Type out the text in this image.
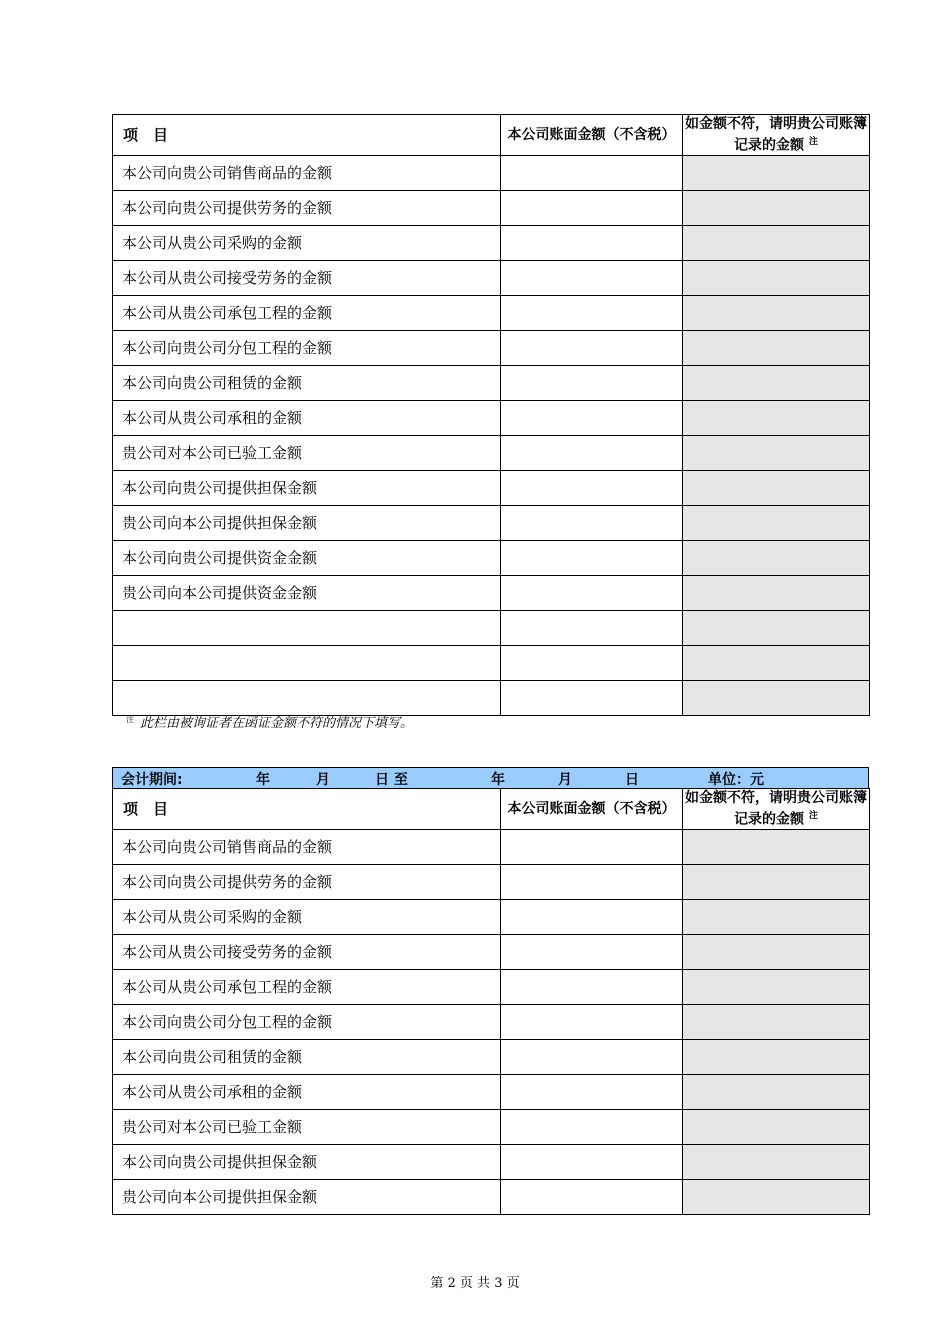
项　目	本公司账面金额（不含税）	如金额不符，请明贵公司账簿记录的金额 $^注$
本公司向贵公司销售商品的金额		
本公司向贵公司提供劳务的金额		
本公司从贵公司采购的金额		
本公司从贵公司接受劳务的金额		
本公司从贵公司承包工程的金额		
本公司向贵公司分包工程的金额		
本公司向贵公司租赁的金额		
本公司从贵公司承租的金额		
贵公司对本公司已验工金额		
本公司向贵公司提供担保金额		
贵公司向本公司提供担保金额		
本公司向贵公司提供资金金额		
贵公司向本公司提供资金金额		

$^注$ 此栏由被询证者在函证金额不符的情况下填写。
会计期间:	年	月	日 至	年	月	日	单位：元
项　目	本公司账面金额（不含税）	如金额不符，请明贵公司账簿记录的金额 $^注$
本公司向贵公司销售商品的金额		
本公司向贵公司提供劳务的金额		
本公司从贵公司采购的金额		
本公司从贵公司接受劳务的金额		
本公司从贵公司承包工程的金额		
本公司向贵公司分包工程的金额		
本公司向贵公司租赁的金额		
本公司从贵公司承租的金额		
贵公司对本公司已验工金额		
本公司向贵公司提供担保金额		
贵公司向本公司提供担保金额		
第 2 页 共 3 页
